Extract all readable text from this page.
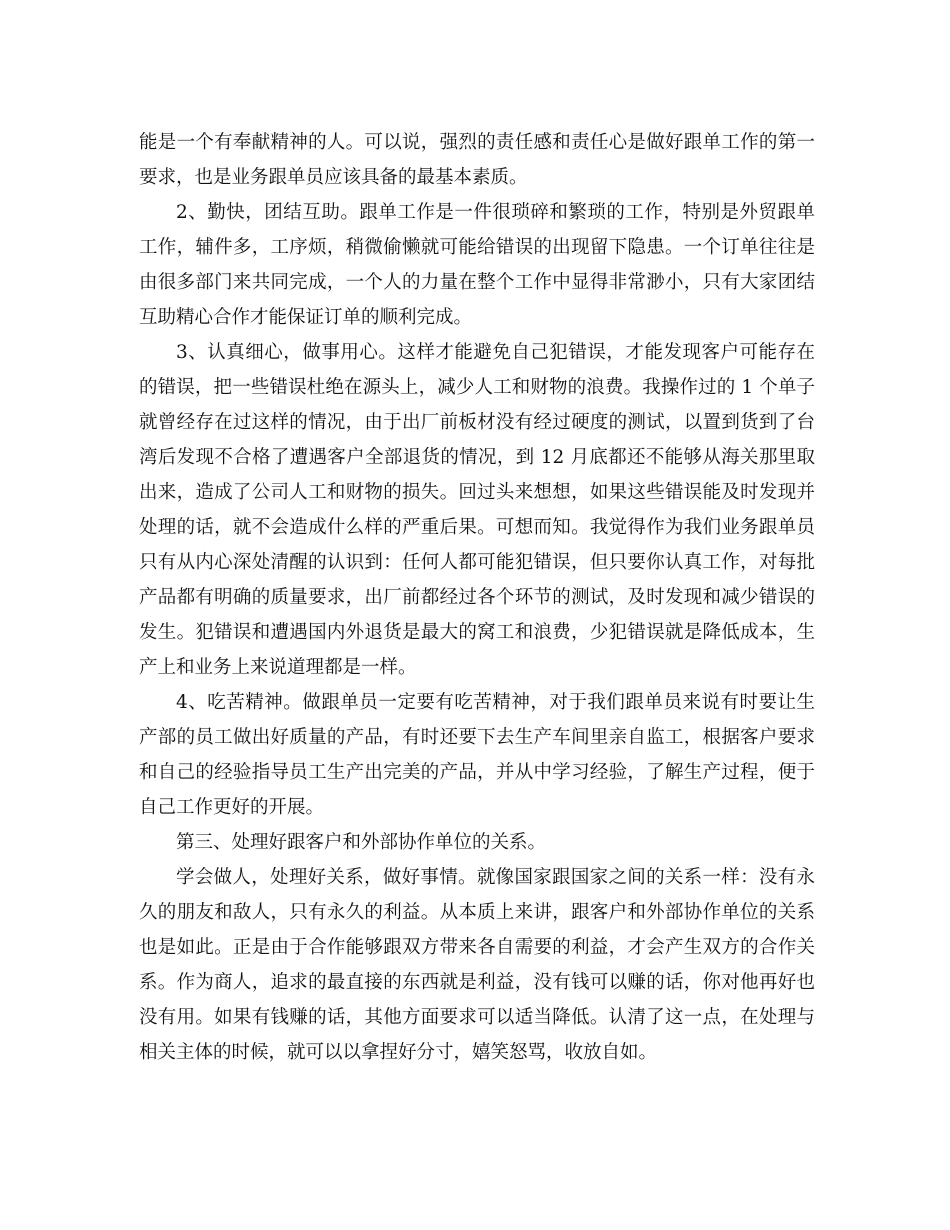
能是一个有奉献精神的人。可以说，强烈的责任感和责任心是做好跟单工作的第一
要求，也是业务跟单员应该具备的最基本素质。
2、勤快，团结互助。跟单工作是一件很琐碎和繁琐的工作，特别是外贸跟单
工作，辅件多，工序烦，稍微偷懒就可能给错误的出现留下隐患。一个订单往往是
由很多部门来共同完成，一个人的力量在整个工作中显得非常渺小，只有大家团结
互助精心合作才能保证订单的顺利完成。
3、认真细心，做事用心。这样才能避免自己犯错误，才能发现客户可能存在
的错误，把一些错误杜绝在源头上，减少人工和财物的浪费。我操作过的 1 个单子
就曾经存在过这样的情况，由于出厂前板材没有经过硬度的测试，以置到货到了台
湾后发现不合格了遭遇客户全部退货的情况，到 12 月底都还不能够从海关那里取
出来，造成了公司人工和财物的损失。回过头来想想，如果这些错误能及时发现并
处理的话，就不会造成什么样的严重后果。可想而知。我觉得作为我们业务跟单员
只有从内心深处清醒的认识到：任何人都可能犯错误，但只要你认真工作，对每批
产品都有明确的质量要求，出厂前都经过各个环节的测试，及时发现和减少错误的
发生。犯错误和遭遇国内外退货是最大的窝工和浪费，少犯错误就是降低成本，生
产上和业务上来说道理都是一样。
4、吃苦精神。做跟单员一定要有吃苦精神，对于我们跟单员来说有时要让生
产部的员工做出好质量的产品，有时还要下去生产车间里亲自监工，根据客户要求
和自己的经验指导员工生产出完美的产品，并从中学习经验，了解生产过程，便于
自己工作更好的开展。
第三、处理好跟客户和外部协作单位的关系。
学会做人，处理好关系，做好事情。就像国家跟国家之间的关系一样：没有永
久的朋友和敌人，只有永久的利益。从本质上来讲，跟客户和外部协作单位的关系
也是如此。正是由于合作能够跟双方带来各自需要的利益，才会产生双方的合作关
系。作为商人，追求的最直接的东西就是利益，没有钱可以赚的话，你对他再好也
没有用。如果有钱赚的话，其他方面要求可以适当降低。认清了这一点，在处理与
相关主体的时候，就可以以拿捏好分寸，嬉笑怒骂，收放自如。
